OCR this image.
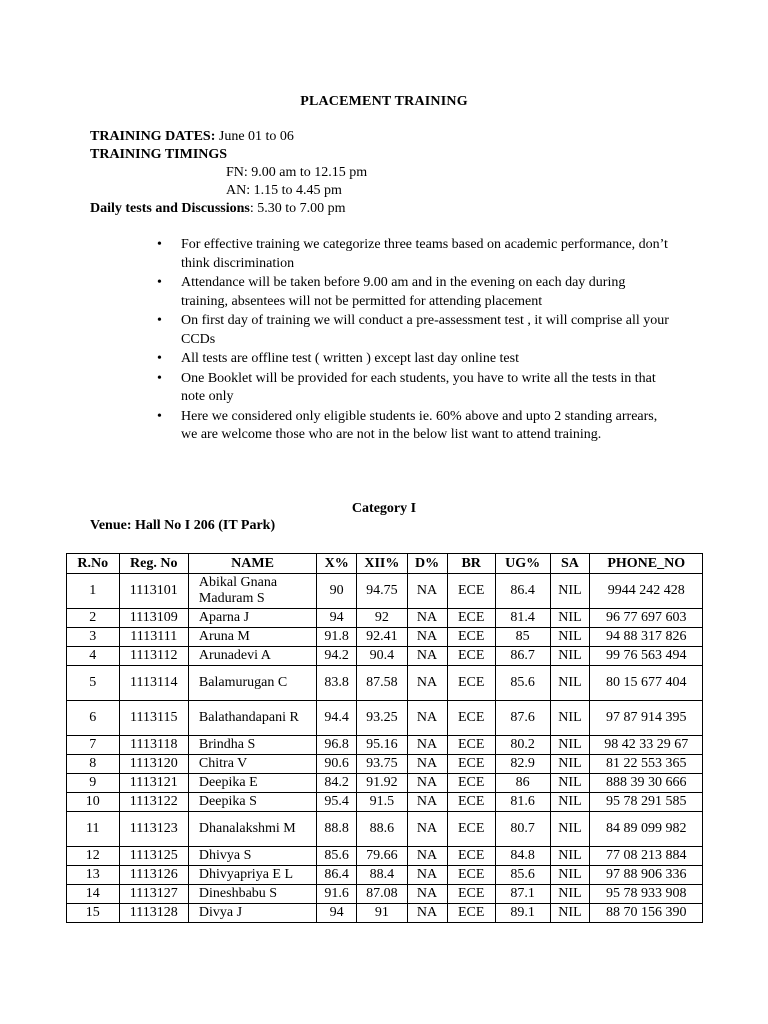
PLACEMENT TRAINING
TRAINING DATES: June 01 to 06
TRAINING TIMINGS
FN: 9.00 am to 12.15 pm
AN: 1.15 to 4.45 pm
Daily tests and Discussions: 5.30 to 7.00 pm
• For effective training we categorize three teams based on academic performance, don’t think discrimination
• Attendance will be taken before 9.00 am and in the evening on each day during training, absentees will not be permitted for attending placement
• On first day of training we will conduct a pre-assessment test , it will comprise all your CCDs
• All tests are offline test ( written ) except last day online test
• One Booklet will be provided for each students, you have to write all the tests in that note only
• Here we considered only eligible students ie. 60% above and upto 2 standing arrears, we are welcome those who are not in the below list want to attend training.
Category I
Venue: Hall No I 206 (IT Park)
R.No	Reg. No	NAME	X%	XII%	D%	BR	UG%	SA	PHONE_NO
1	1113101	Abikal Gnana Maduram S	90	94.75	NA	ECE	86.4	NIL	9944 242 428
2	1113109	Aparna J	94	92	NA	ECE	81.4	NIL	96 77 697 603
3	1113111	Aruna M	91.8	92.41	NA	ECE	85	NIL	94 88 317 826
4	1113112	Arunadevi A	94.2	90.4	NA	ECE	86.7	NIL	99 76 563 494
5	1113114	Balamurugan C	83.8	87.58	NA	ECE	85.6	NIL	80 15 677 404
6	1113115	Balathandapani R	94.4	93.25	NA	ECE	87.6	NIL	97 87 914 395
7	1113118	Brindha S	96.8	95.16	NA	ECE	80.2	NIL	98 42 33 29 67
8	1113120	Chitra V	90.6	93.75	NA	ECE	82.9	NIL	81 22 553 365
9	1113121	Deepika E	84.2	91.92	NA	ECE	86	NIL	888 39 30 666
10	1113122	Deepika S	95.4	91.5	NA	ECE	81.6	NIL	95 78 291 585
11	1113123	Dhanalakshmi M	88.8	88.6	NA	ECE	80.7	NIL	84 89 099 982
12	1113125	Dhivya S	85.6	79.66	NA	ECE	84.8	NIL	77 08 213 884
13	1113126	Dhivyapriya E L	86.4	88.4	NA	ECE	85.6	NIL	97 88 906 336
14	1113127	Dineshbabu S	91.6	87.08	NA	ECE	87.1	NIL	95 78 933 908
15	1113128	Divya J	94	91	NA	ECE	89.1	NIL	88 70 156 390
